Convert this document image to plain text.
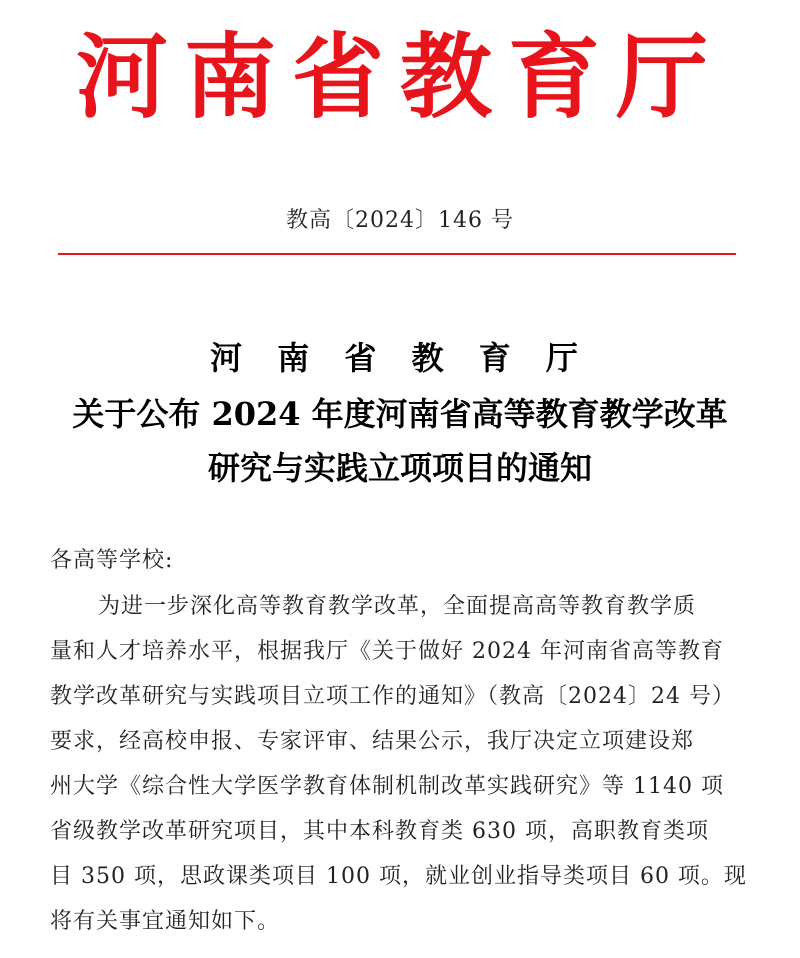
河南省教育厅
教高〔2024〕146 号
河 南 省 教 育 厅
关于公布 2024 年度河南省高等教育教学改革
研究与实践立项项目的通知
各高等学校:
为进一步深化高等教育教学改革，全面提高高等教育教学质
量和人才培养水平，根据我厅《关于做好 2024 年河南省高等教育
教学改革研究与实践项目立项工作的通知》（教高〔2024〕24 号）
要求，经高校申报、专家评审、结果公示，我厅决定立项建设郑
州大学《综合性大学医学教育体制机制改革实践研究》等 1140 项
省级教学改革研究项目，其中本科教育类 630 项，高职教育类项
目 350 项，思政课类项目 100 项，就业创业指导类项目 60 项。现
将有关事宜通知如下。
